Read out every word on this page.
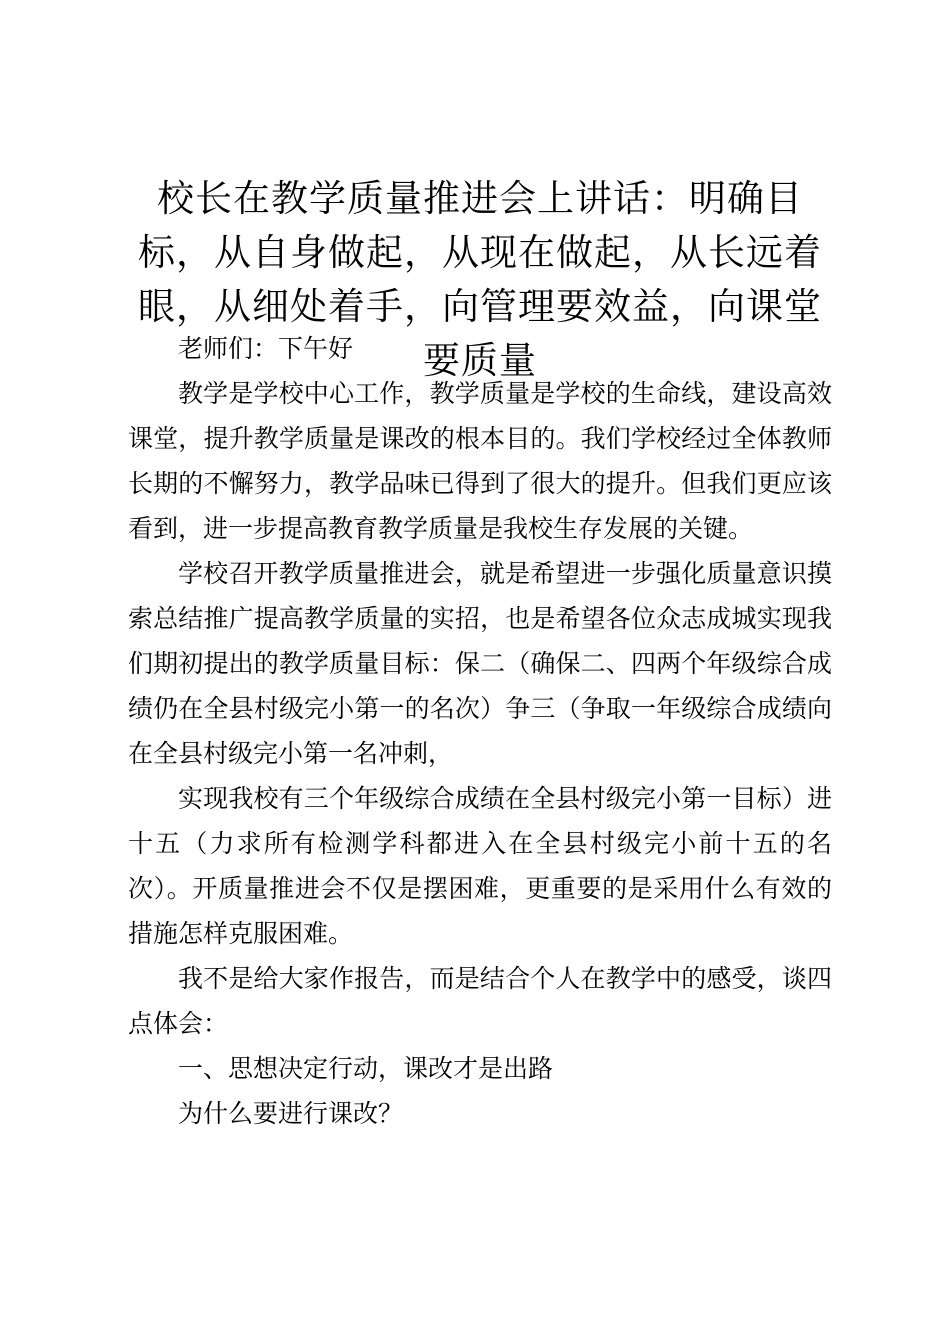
校长在教学质量推进会上讲话：明确目标，从自身做起，从现在做起，从长远着眼，从细处着手，向管理要效益，向课堂要质量

老师们：下午好

教学是学校中心工作，教学质量是学校的生命线，建设高效课堂，提升教学质量是课改的根本目的。我们学校经过全体教师长期的不懈努力，教学品味已得到了很大的提升。但我们更应该看到，进一步提高教育教学质量是我校生存发展的关键。

学校召开教学质量推进会，就是希望进一步强化质量意识摸索总结推广提高教学质量的实招，也是希望各位众志成城实现我们期初提出的教学质量目标：保二（确保二、四两个年级综合成绩仍在全县村级完小第一的名次）争三（争取一年级综合成绩向在全县村级完小第一名冲刺，

实现我校有三个年级综合成绩在全县村级完小第一目标）进十五（力求所有检测学科都进入在全县村级完小前十五的名次）。开质量推进会不仅是摆困难，更重要的是采用什么有效的措施怎样克服困难。

我不是给大家作报告，而是结合个人在教学中的感受，谈四点体会：

一、思想决定行动，课改才是出路

为什么要进行课改？
